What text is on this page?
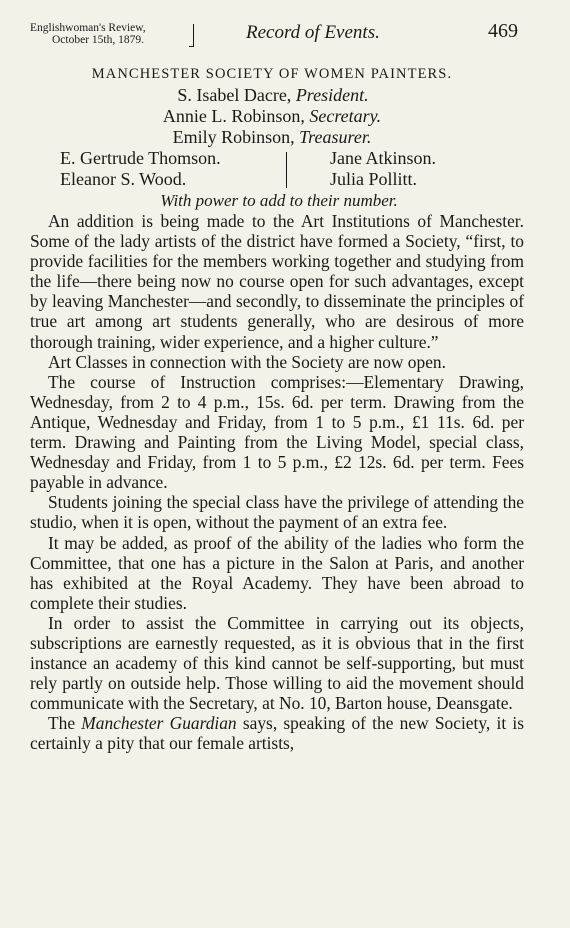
Englishwoman's Review,
October 15th, 1879.	Record of Events.	469
MANCHESTER SOCIETY OF WOMEN PAINTERS.
S. Isabel Dacre, President.
Annie L. Robinson, Secretary.
Emily Robinson, Treasurer.
E. Gertrude Thomson.
Eleanor S. Wood.
Jane Atkinson.
Julia Pollitt.
With power to add to their number.

An addition is being made to the Art Institutions of Manchester. Some of the lady artists of the district have formed a Society, “first, to provide facilities for the members working together and studying from the life—there being now no course open for such advantages, except by leaving Manchester—and secondly, to disseminate the principles of true art among art students generally, who are desirous of more thorough training, wider experience, and a higher culture.”

Art Classes in connection with the Society are now open.

The course of Instruction comprises:—Elementary Drawing, Wednesday, from 2 to 4 p.m., 15s. 6d. per term. Drawing from the Antique, Wednesday and Friday, from 1 to 5 p.m., £1 11s. 6d. per term. Drawing and Painting from the Living Model, special class, Wednesday and Friday, from 1 to 5 p.m., £2 12s. 6d. per term. Fees payable in advance.

Students joining the special class have the privilege of attending the studio, when it is open, without the payment of an extra fee.

It may be added, as proof of the ability of the ladies who form the Committee, that one has a picture in the Salon at Paris, and another has exhibited at the Royal Academy. They have been abroad to complete their studies.

In order to assist the Committee in carrying out its objects, subscriptions are earnestly requested, as it is obvious that in the first instance an academy of this kind cannot be self-supporting, but must rely partly on outside help. Those willing to aid the movement should communicate with the Secretary, at No. 10, Barton house, Deansgate.

The Manchester Guardian says, speaking of the new Society, it is certainly a pity that our female artists,
